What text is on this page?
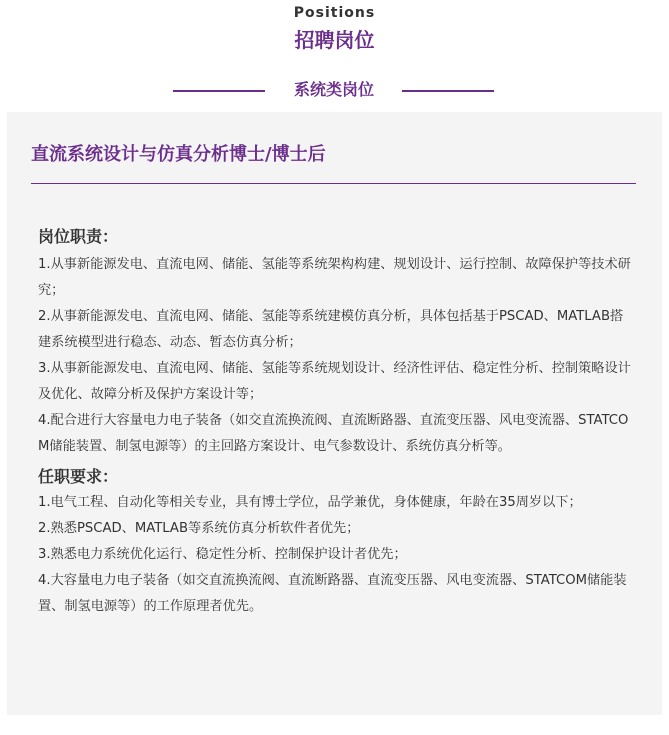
Positions
招聘岗位
系统类岗位
直流系统设计与仿真分析博士/博士后

岗位职责：

1.从事新能源发电、直流电网、储能、氢能等系统架构构建、规划设计、运行控制、故障保护等技术研究；

2.从事新能源发电、直流电网、储能、氢能等系统建模仿真分析，具体包括基于PSCAD、MATLAB搭建系统模型进行稳态、动态、暂态仿真分析；

3.从事新能源发电、直流电网、储能、氢能等系统规划设计、经济性评估、稳定性分析、控制策略设计及优化、故障分析及保护方案设计等；

4.配合进行大容量电力电子装备（如交直流换流阀、直流断路器、直流变压器、风电变流器、STATCOM储能装置、制氢电源等）的主回路方案设计、电气参数设计、系统仿真分析等。

任职要求：

1.电气工程、自动化等相关专业，具有博士学位，品学兼优，身体健康，年龄在35周岁以下；

2.熟悉PSCAD、MATLAB等系统仿真分析软件者优先；

3.熟悉电力系统优化运行、稳定性分析、控制保护设计者优先；

4.大容量电力电子装备（如交直流换流阀、直流断路器、直流变压器、风电变流器、STATCOM储能装置、制氢电源等）的工作原理者优先。
